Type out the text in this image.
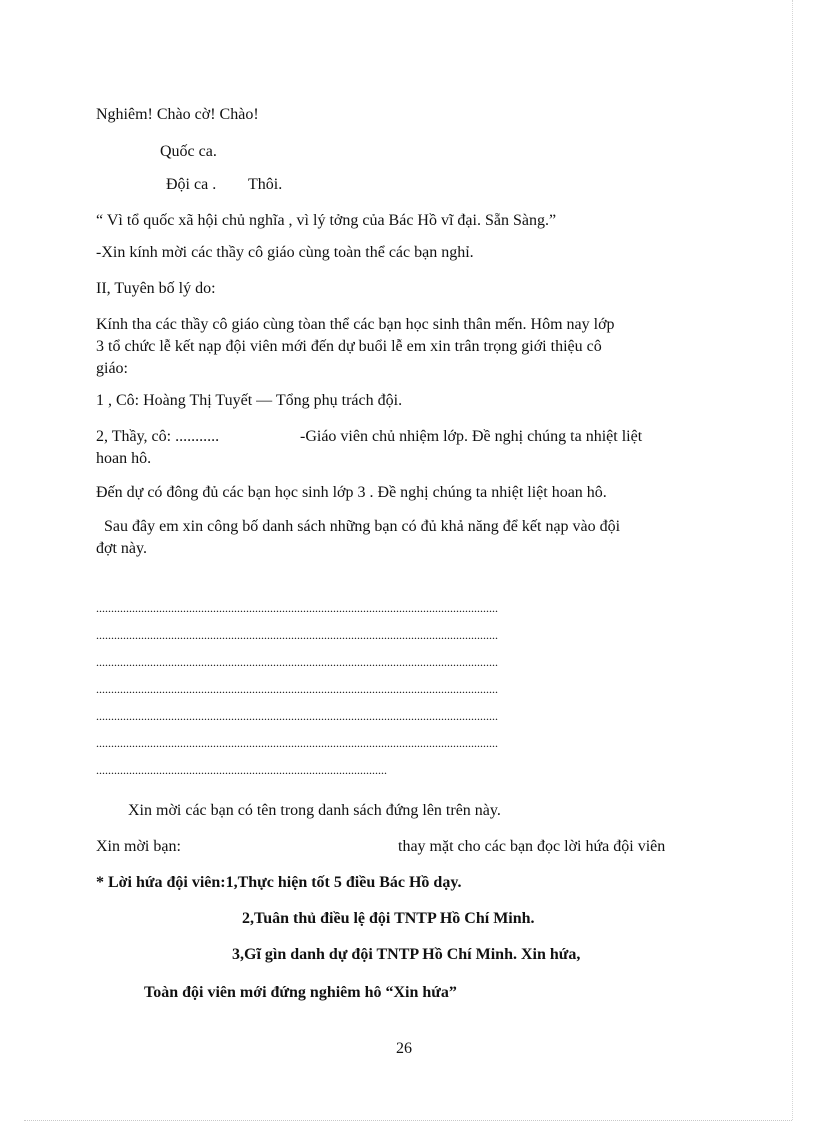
Nghiêm! Chào cờ! Chào!
Quốc ca.
Đội ca . Thôi.
“ Vì tổ quốc xã hội chủ nghĩa , vì lý tởng của Bác Hồ vĩ đại. Sẵn Sàng.”
-Xin kính mời các thầy cô giáo cùng toàn thể các bạn nghỉ.
II, Tuyên bố lý do:
Kính tha các thầy cô giáo cùng tòan thể các bạn học sinh thân mến. Hôm nay lớp
3 tổ chức lễ kết nạp đội viên mới đến dự buổi lễ em xin trân trọng giới thiệu cô
giáo:
1 , Cô: Hoàng Thị Tuyết — Tổng phụ trách đội.
2, Thầy, cô: ...........	-Giáo viên chủ nhiệm lớp. Đề nghị chúng ta nhiệt liệt
hoan hô.
Đến dự có đông đủ các bạn học sinh lớp 3 . Đề nghị chúng ta nhiệt liệt hoan hô.
Sau đây em xin công bố danh sách những bạn có đủ khả năng để kết nạp vào đội
đợt này.
......................................................................................................................................
......................................................................................................................................
......................................................................................................................................
......................................................................................................................................
......................................................................................................................................
......................................................................................................................................
.................................................................................................
Xin mời các bạn có tên trong danh sách đứng lên trên này.
Xin mời bạn:	thay mặt cho các bạn đọc lời hứa đội viên
* Lời hứa đội viên:1,Thực hiện tốt 5 điều Bác Hồ dạy.
2,Tuân thủ điều lệ đội TNTP Hồ Chí Minh.
3,Gĩ gìn danh dự đội TNTP Hồ Chí Minh. Xin hứa,
Toàn đội viên mới đứng nghiêm hô “Xin hứa”
26
